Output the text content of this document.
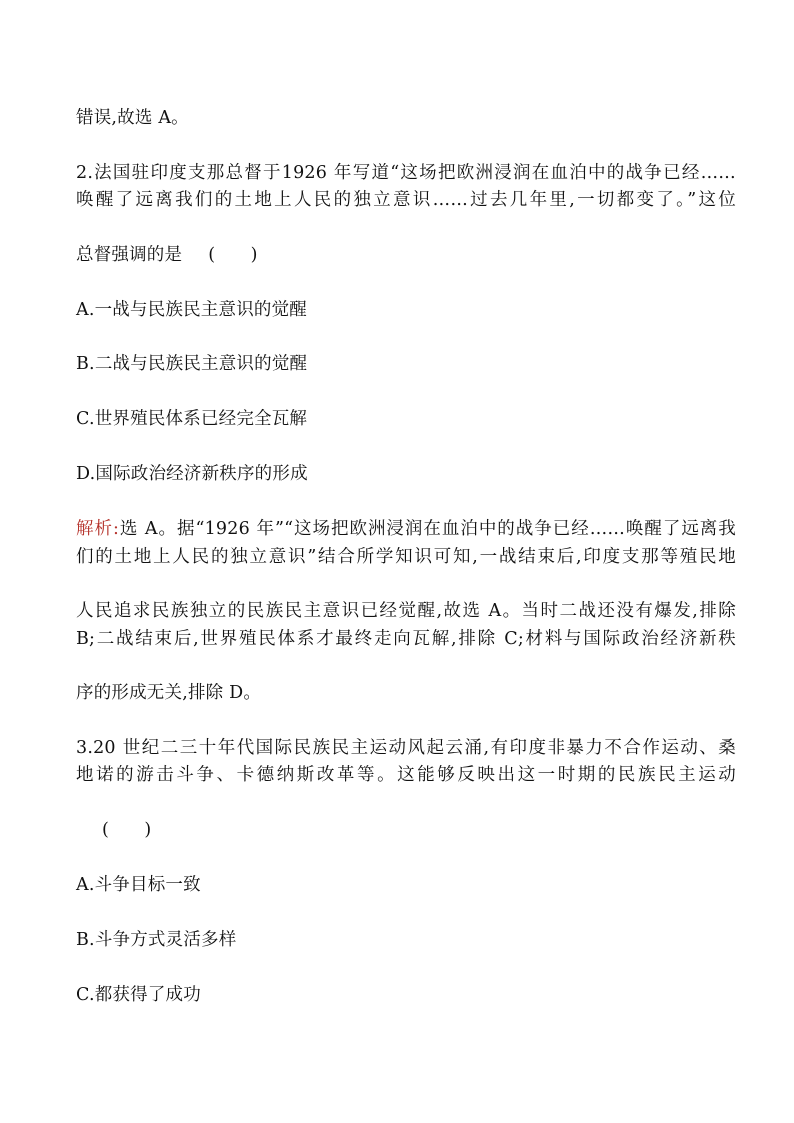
错误,故选 A。
2.法国驻印度支那总督于1926 年写道“这场把欧洲浸润在血泊中的战争已经……
唤醒了远离我们的土地上人民的独立意识……过去几年里,一切都变了。”这位
总督强调的是 (　　)
A.一战与民族民主意识的觉醒
B.二战与民族民主意识的觉醒
C.世界殖民体系已经完全瓦解
D.国际政治经济新秩序的形成
解析:选 A。据“1926 年”“这场把欧洲浸润在血泊中的战争已经……唤醒了远离我
们的土地上人民的独立意识”结合所学知识可知,一战结束后,印度支那等殖民地
人民追求民族独立的民族民主意识已经觉醒,故选 A。当时二战还没有爆发,排除
B;二战结束后,世界殖民体系才最终走向瓦解,排除 C;材料与国际政治经济新秩
序的形成无关,排除 D。
3.20 世纪二三十年代国际民族民主运动风起云涌,有印度非暴力不合作运动、桑
地诺的游击斗争、卡德纳斯改革等。这能够反映出这一时期的民族民主运动
(　　)
A.斗争目标一致
B.斗争方式灵活多样
C.都获得了成功
